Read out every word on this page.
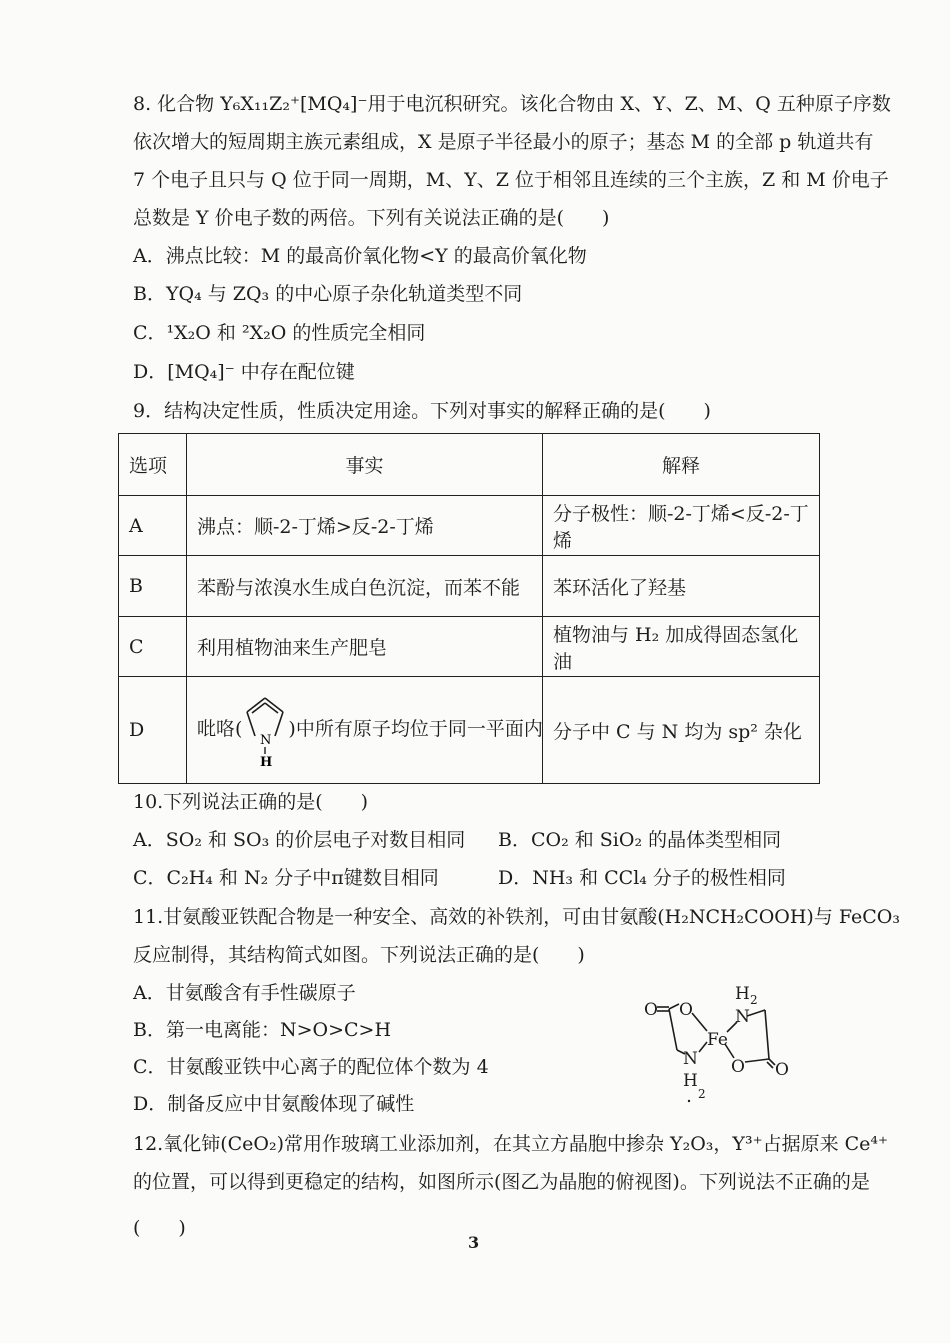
8. 化合物 Y₆X₁₁Z₂⁺[MQ₄]⁻用于电沉积研究。该化合物由 X、Y、Z、M、Q 五种原子序数
依次增大的短周期主族元素组成，X 是原子半径最小的原子；基态 M 的全部 p 轨道共有
7 个电子且只与 Q 位于同一周期，M、Y、Z 位于相邻且连续的三个主族，Z 和 M 价电子
总数是 Y 价电子数的两倍。下列有关说法正确的是(　　)
A．沸点比较：M 的最高价氧化物<Y 的最高价氧化物
B．YQ₄ 与 ZQ₃ 的中心原子杂化轨道类型不同
C．¹X₂O 和 ²X₂O 的性质完全相同
D．[MQ₄]⁻ 中存在配位键
9．结构决定性质，性质决定用途。下列对事实的解释正确的是(　　)
选项	事实	解释
A	沸点：顺-2-丁烯>反-2-丁烯	分子极性：顺-2-丁烯<反-2-丁烯
B	苯酚与浓溴水生成白色沉淀，而苯不能	苯环活化了羟基
C	利用植物油来生产肥皂	植物油与 H₂ 加成得固态氢化油
D	吡咯(
N
H
)中所有原子均位于同一平面内	分子中 C 与 N 均为 sp² 杂化
10.下列说法正确的是(　　)
A．SO₂ 和 SO₃ 的价层电子对数目相同 B．CO₂ 和 SiO₂ 的晶体类型相同
C．C₂H₄ 和 N₂ 分子中π键数目相同	D．NH₃ 和 CCl₄ 分子的极性相同
11.甘氨酸亚铁配合物是一种安全、高效的补铁剂，可由甘氨酸(H₂NCH₂COOH)与 FeCO₃
反应制得，其结构简式如图。下列说法正确的是(　　)
A．甘氨酸含有手性碳原子
B．第一电离能：N>O>C>H
C．甘氨酸亚铁中心离子的配位体个数为 4
D．制备反应中甘氨酸体现了碱性
O O
Fe
N
H 2
N
H
2
O O
12.氧化铈(CeO₂)常用作玻璃工业添加剂，在其立方晶胞中掺杂 Y₂O₃，Y³⁺占据原来 Ce⁴⁺
的位置，可以得到更稳定的结构，如图所示(图乙为晶胞的俯视图)。下列说法不正确的是
(　　)
3
